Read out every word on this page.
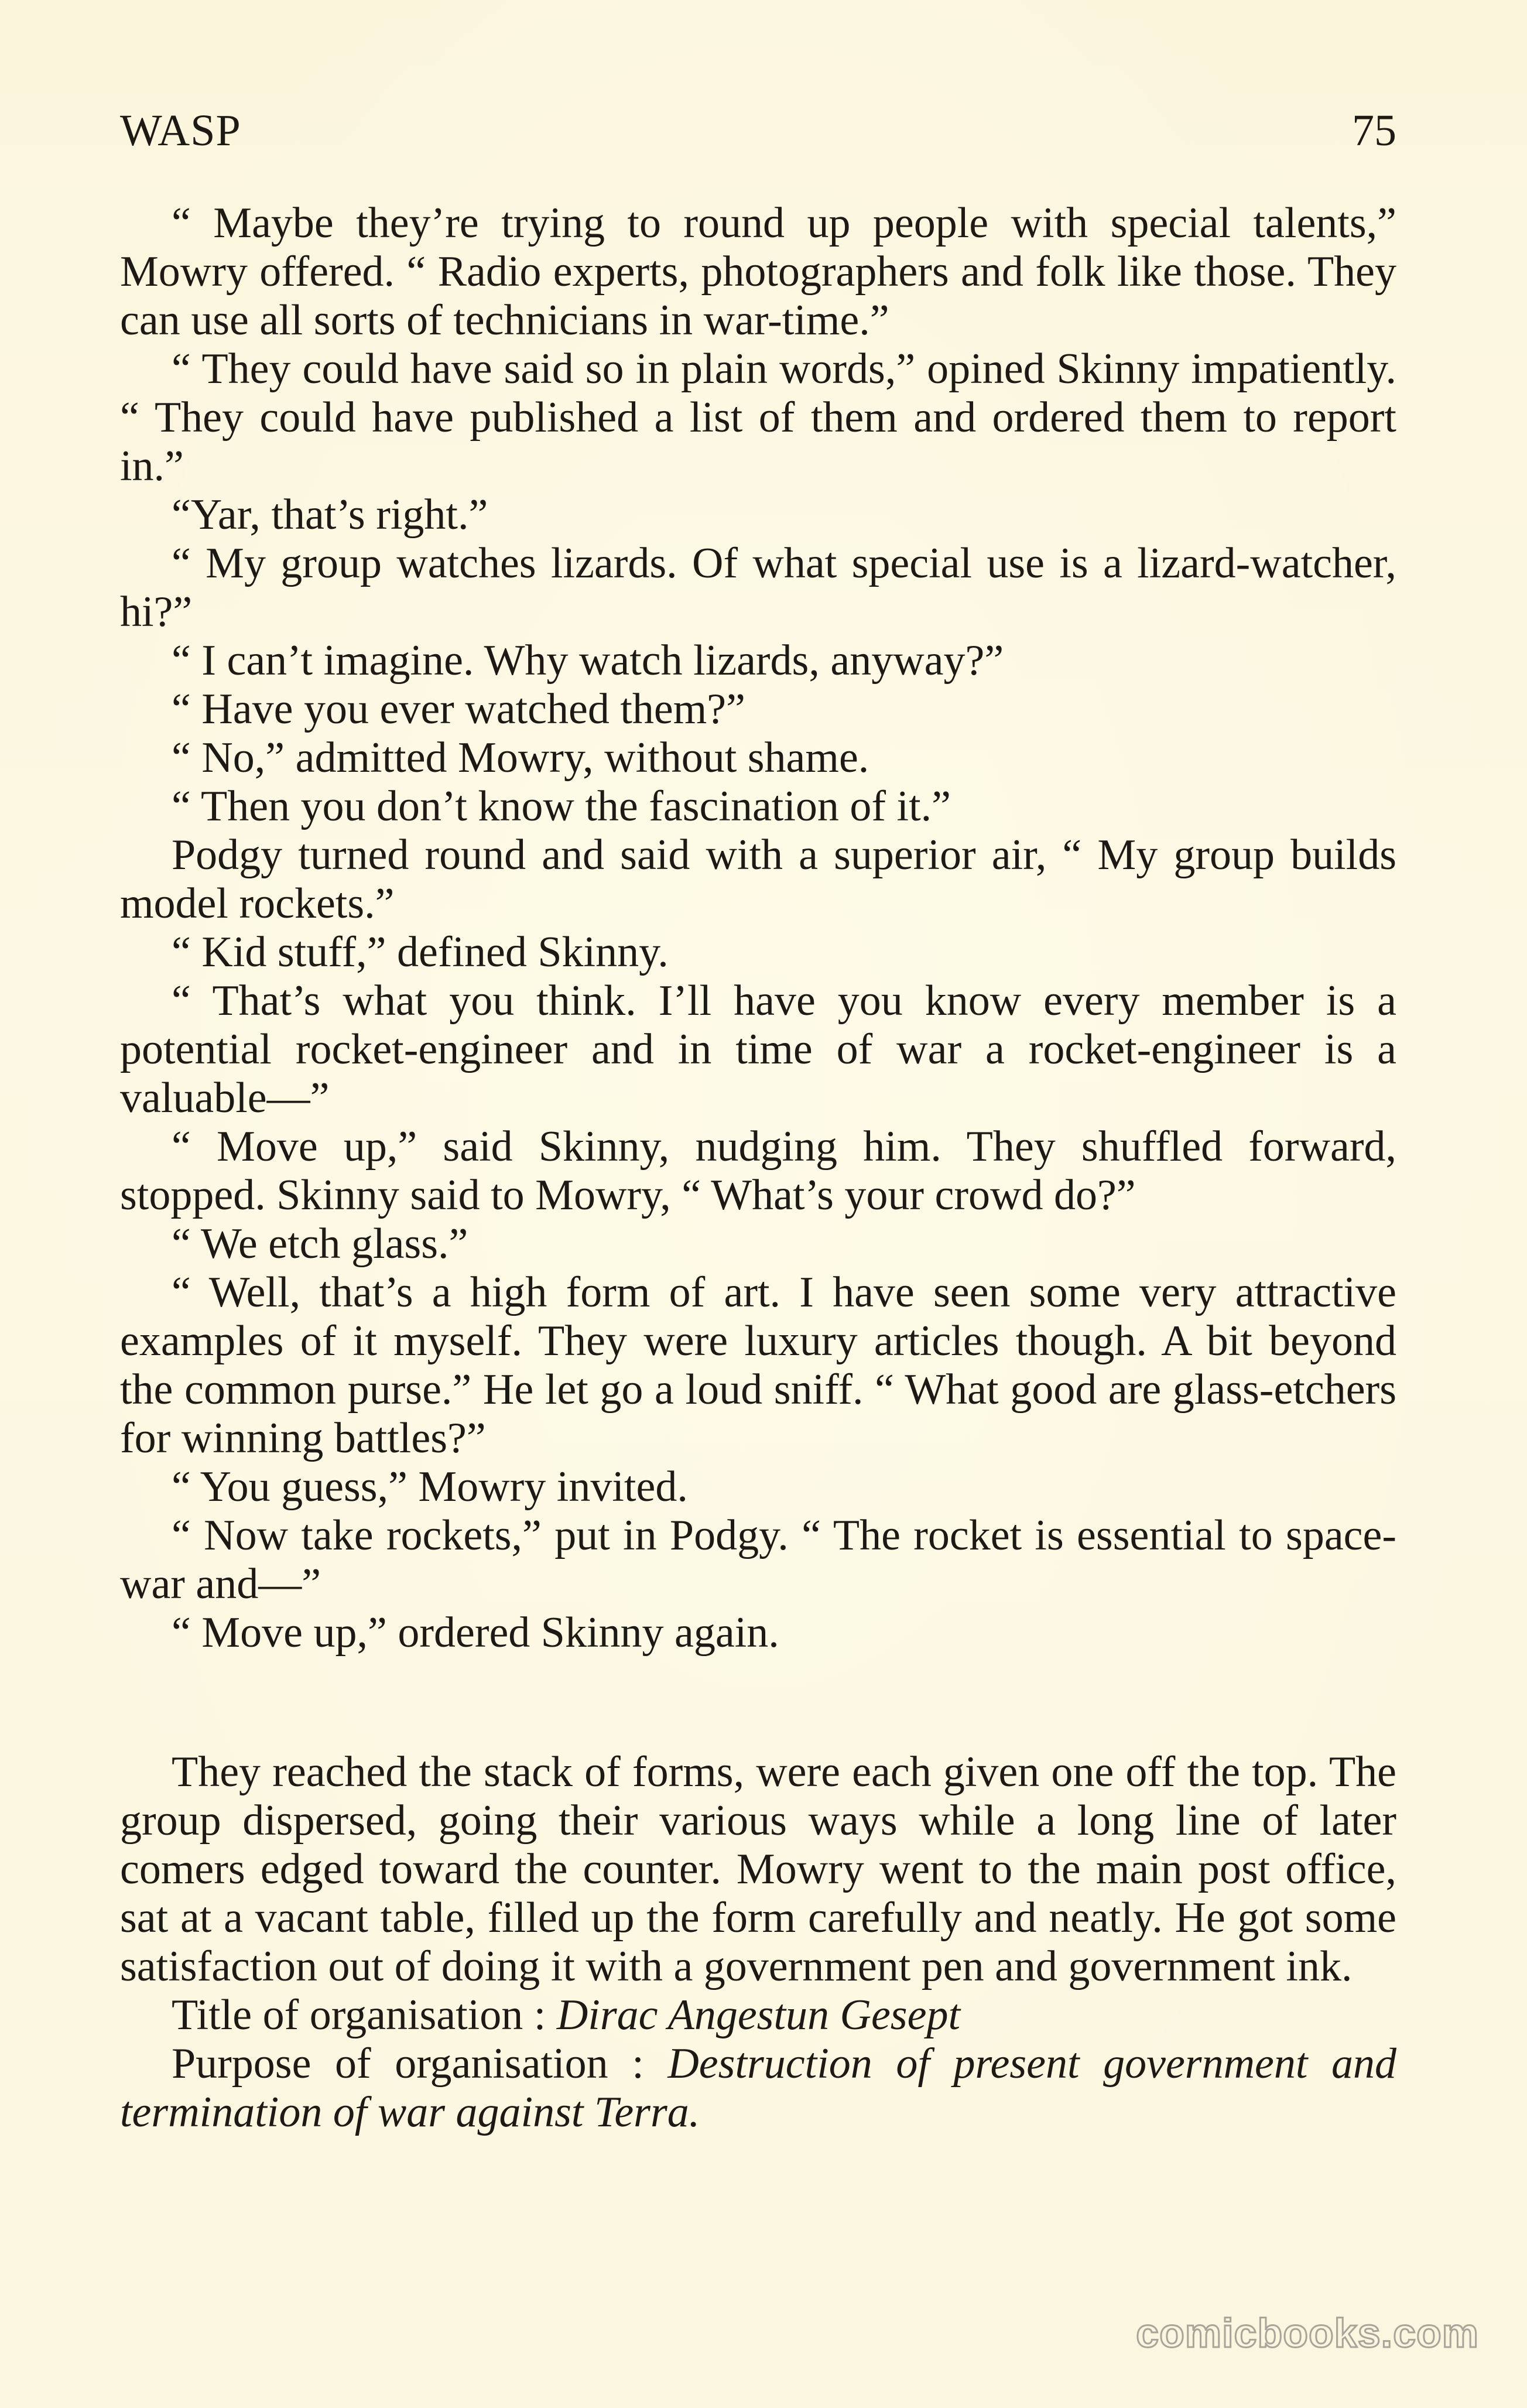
WASP	75

“ Maybe they’re trying to round up people with special talents,” Mowry offered. “ Radio experts, photographers and folk like those. They can use all sorts of technicians in war-time.”

“ They could have said so in plain words,” opined Skinny impatiently. “ They could have published a list of them and ordered them to report in.”

“Yar, that’s right.”

“ My group watches lizards. Of what special use is a lizard-watcher, hi?”

“ I can’t imagine. Why watch lizards, anyway?”

“ Have you ever watched them?”

“ No,” admitted Mowry, without shame.

“ Then you don’t know the fascination of it.”

Podgy turned round and said with a superior air, “ My group builds model rockets.”

“ Kid stuff,” defined Skinny.

“ That’s what you think. I’ll have you know every member is a potential rocket-engineer and in time of war a rocket-engineer is a valuable—”

“ Move up,” said Skinny, nudging him. They shuffled forward, stopped. Skinny said to Mowry, “ What’s your crowd do?”

“ We etch glass.”

“ Well, that’s a high form of art. I have seen some very attractive examples of it myself. They were luxury articles though. A bit beyond the common purse.” He let go a loud sniff. “ What good are glass-etchers for winning battles?”

“ You guess,” Mowry invited.

“ Now take rockets,” put in Podgy. “ The rocket is essential to space-war and—”

“ Move up,” ordered Skinny again.

They reached the stack of forms, were each given one off the top. The group dispersed, going their various ways while a long line of later comers edged toward the counter. Mowry went to the main post office, sat at a vacant table, filled up the form carefully and neatly. He got some satisfaction out of doing it with a government pen and government ink.

Title of organisation : Dirac Angestun Gesept

Purpose of organisation : Destruction of present government and termination of war against Terra.

comicbooks.com
